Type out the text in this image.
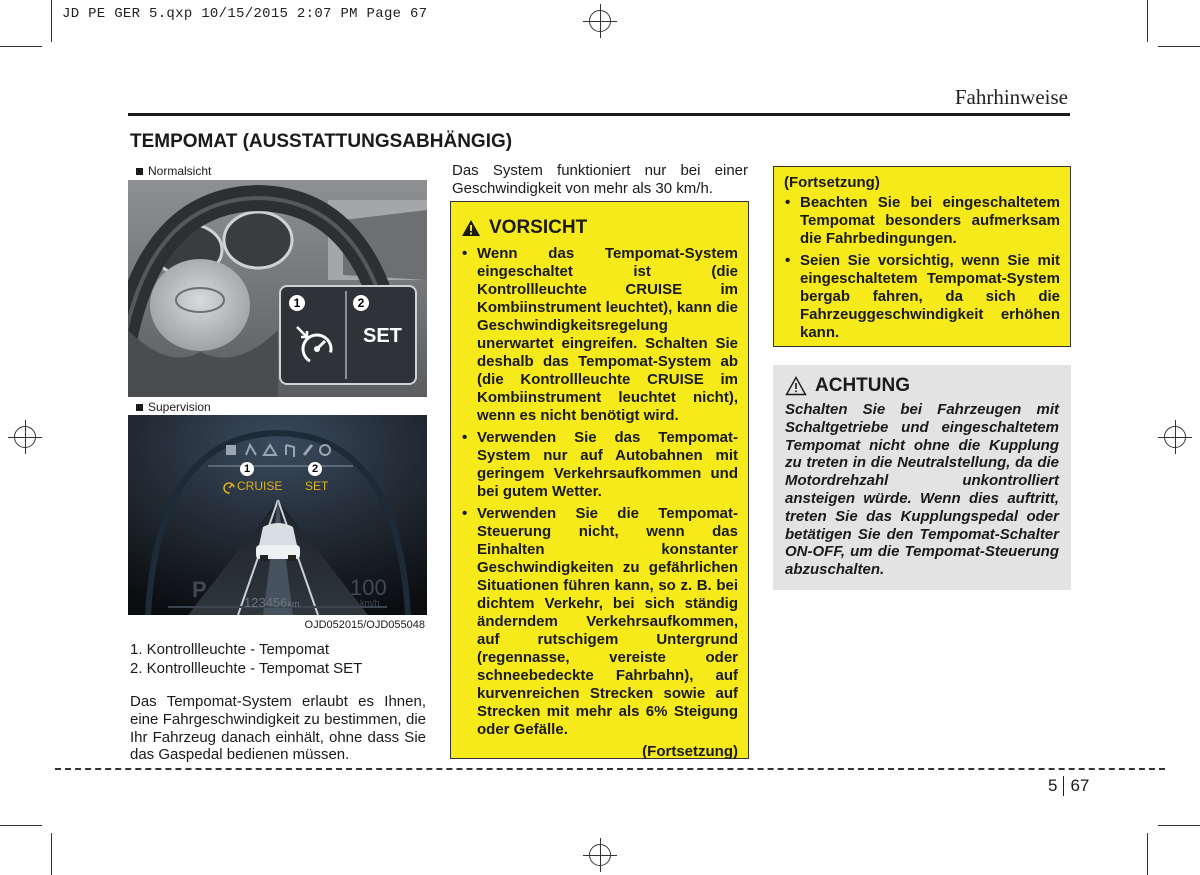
JD PE GER 5.qxp 10/15/2015 2:07 PM Page 67
Fahrhinweise
TEMPOMAT (AUSSTATTUNGSABHÄNGIG)
Normalsicht
1	2
SET
Supervision
1	2
CRUISE SET
P
123456km
100
km/h
OJD052015/OJD055048
1. Kontrollleuchte - Tempomat
2. Kontrollleuchte - Tempomat SET
Das Tempomat-System erlaubt es Ihnen, eine Fahrgeschwindigkeit zu bestimmen, die Ihr Fahrzeug danach einhält, ohne dass Sie das Gaspedal bedienen müssen.
Das System funktioniert nur bei einer Geschwindigkeit von mehr als 30 km/h.
VORSICHT
• Wenn das Tempomat-System eingeschaltet ist (die Kontrollleuchte CRUISE im Kombiinstrument leuchtet), kann die Geschwindigkeitsregelung unerwartet eingreifen. Schalten Sie deshalb das Tempomat-System ab (die Kontrollleuchte CRUISE im Kombiinstrument leuchtet nicht), wenn es nicht benötigt wird.
• Verwenden Sie das Tempomat-System nur auf Autobahnen mit geringem Verkehrsaufkommen und bei gutem Wetter.
• Verwenden Sie die Tempomat-Steuerung nicht, wenn das Einhalten konstanter Geschwindigkeiten zu gefährlichen Situationen führen kann, so z. B. bei dichtem Verkehr, bei sich ständig änderndem Verkehrsaufkommen, auf rutschigem Untergrund (regennasse, vereiste oder schneebedeckte Fahrbahn), auf kurvenreichen Strecken sowie auf Strecken mit mehr als 6% Steigung oder Gefälle.
(Fortsetzung)
(Fortsetzung)
• Beachten Sie bei eingeschaltetem Tempomat besonders aufmerksam die Fahrbedingungen.
• Seien Sie vorsichtig, wenn Sie mit eingeschaltetem Tempomat-System bergab fahren, da sich die Fahrzeuggeschwindigkeit erhöhen kann.
ACHTUNG
Schalten Sie bei Fahrzeugen mit Schaltgetriebe und eingeschaltetem Tempomat nicht ohne die Kupplung zu treten in die Neutralstellung, da die Motordrehzahl unkontrolliert ansteigen würde. Wenn dies auftritt, treten Sie das Kupplungspedal oder betätigen Sie den Tempomat-Schalter ON-OFF, um die Tempomat-Steuerung abzuschalten.
5 67
